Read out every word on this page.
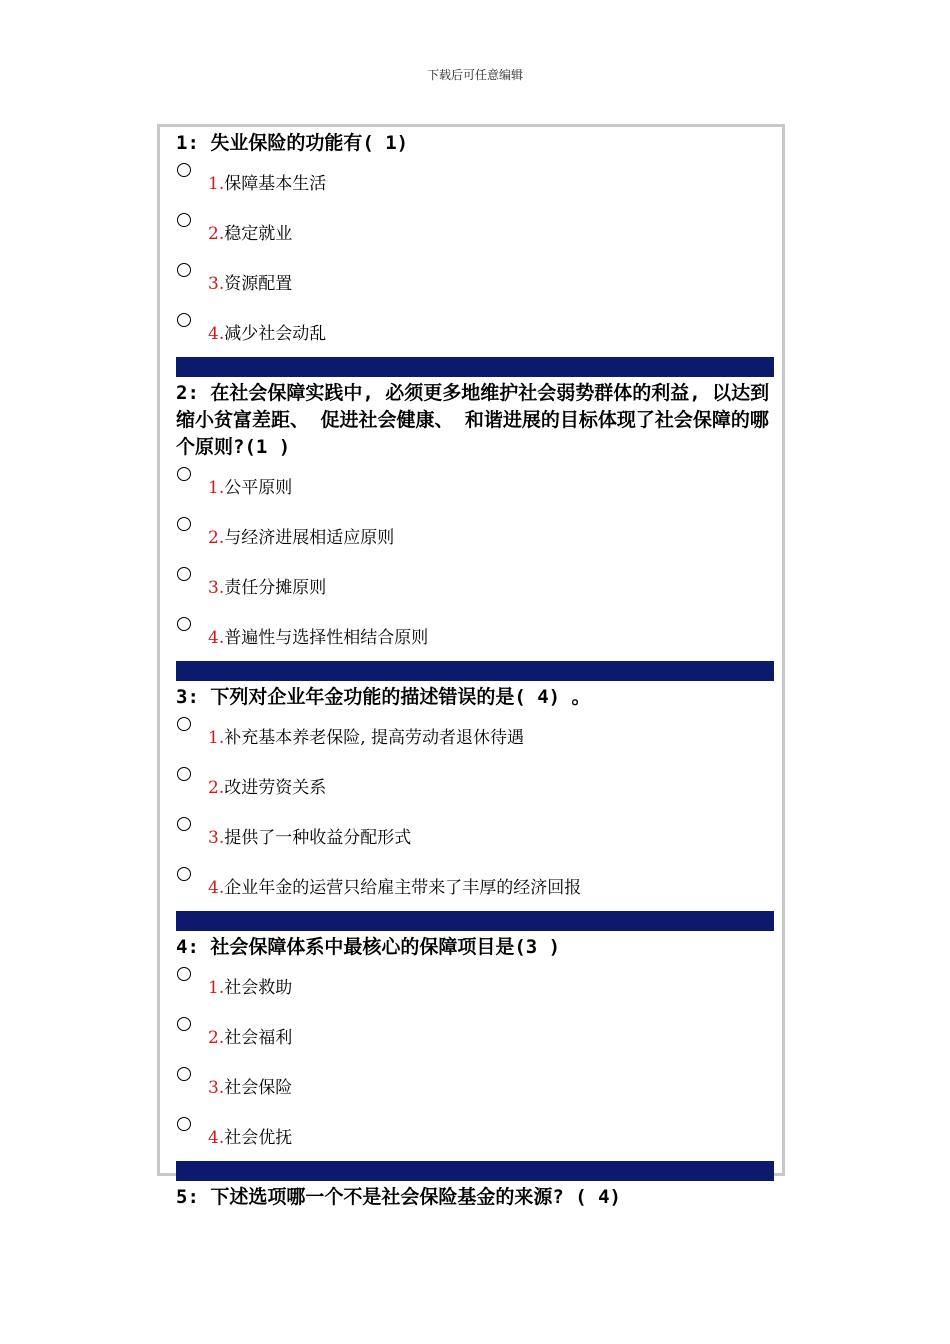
下载后可任意编辑

1: 失业保险的功能有( 1)

1.保障基本生活
2.稳定就业
3.资源配置
4.减少社会动乱

2: 在社会保障实践中, 必须更多地维护社会弱势群体的利益, 以达到缩小贫富差距、 促进社会健康、 和谐进展的目标体现了社会保障的哪个原则?(1 )

1.公平原则
2.与经济进展相适应原则
3.责任分摊原则
4.普遍性与选择性相结合原则

3: 下列对企业年金功能的描述错误的是( 4) 。

1.补充基本养老保险, 提高劳动者退休待遇
2.改进劳资关系
3.提供了一种收益分配形式
4.企业年金的运营只给雇主带来了丰厚的经济回报

4: 社会保障体系中最核心的保障项目是(3 )

1.社会救助
2.社会福利
3.社会保险
4.社会优抚

5: 下述选项哪一个不是社会保险基金的来源? ( 4)
